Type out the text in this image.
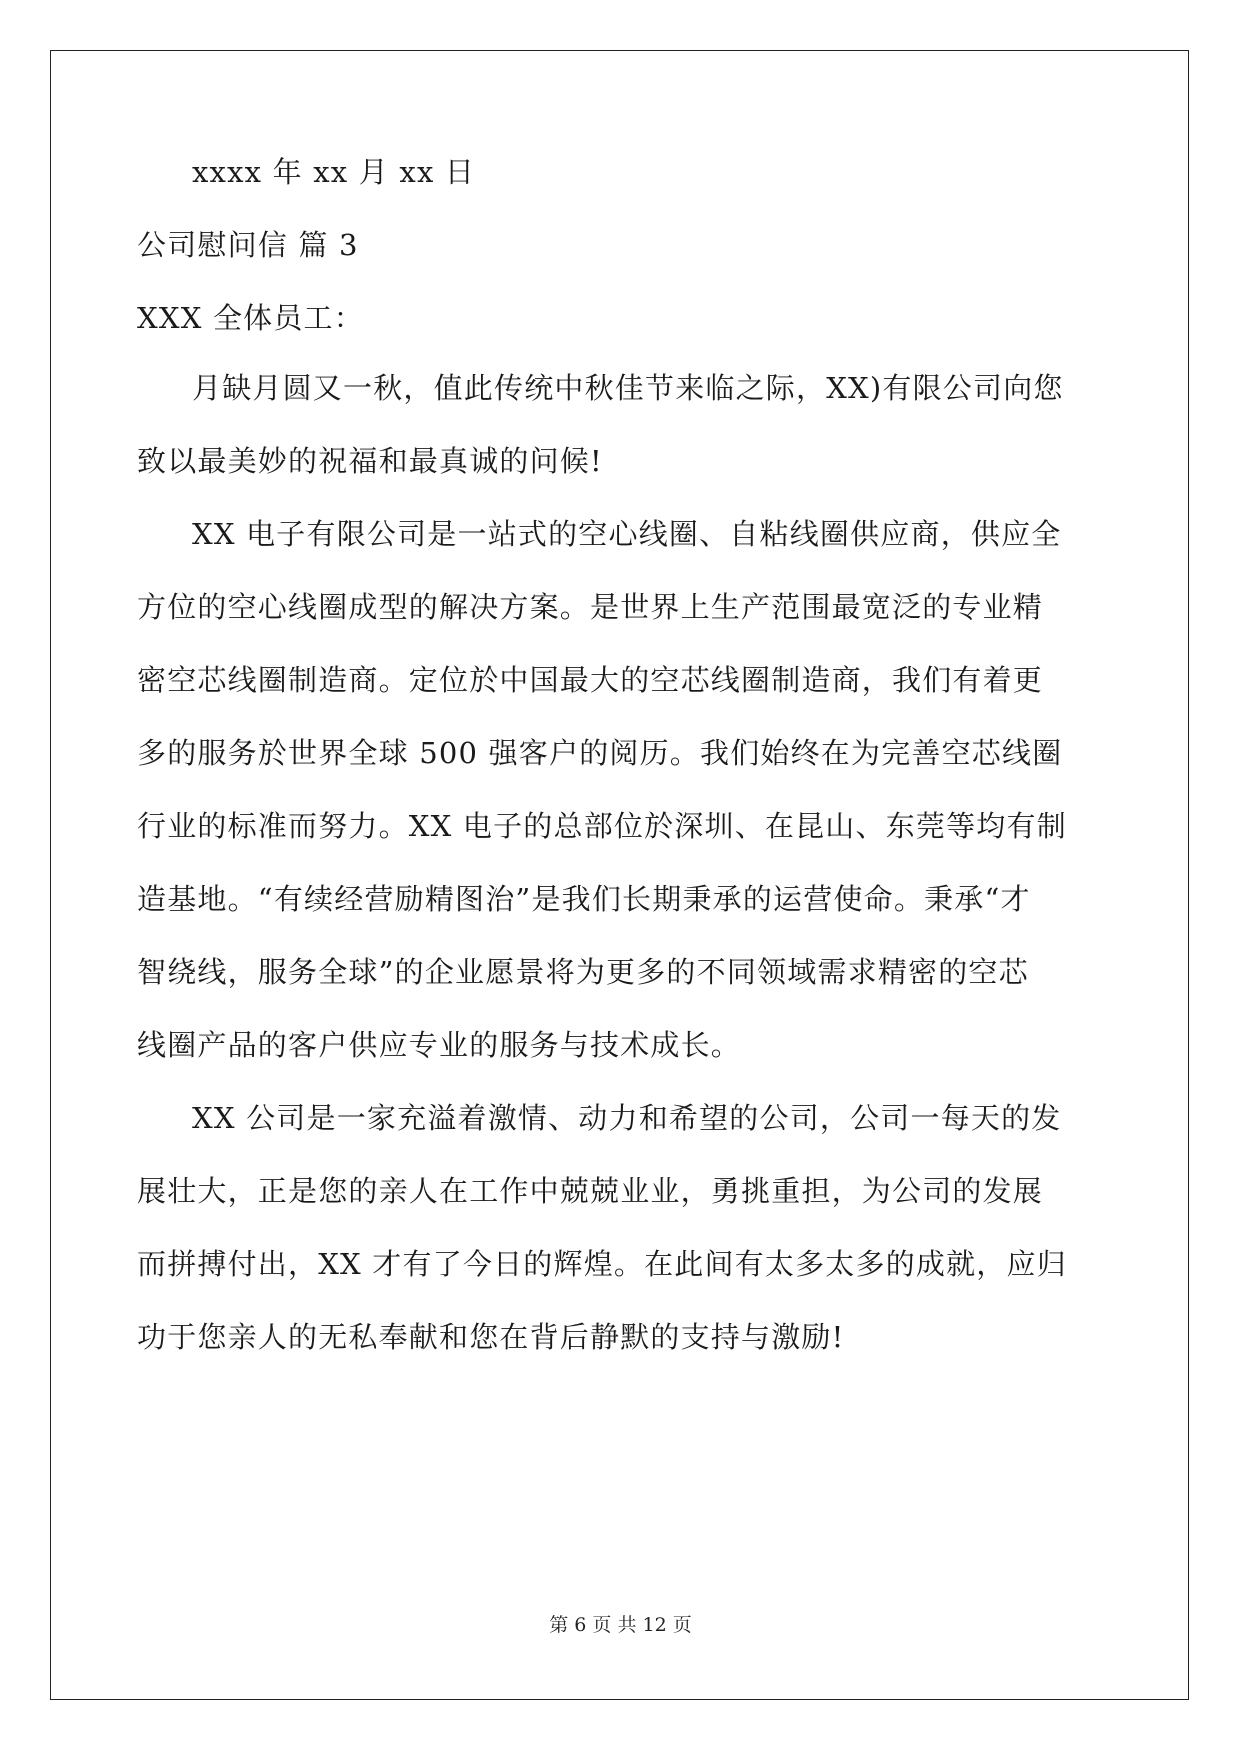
xxxx 年 xx 月 xx 日
公司慰问信 篇 3
XXX 全体员工：
月缺月圆又一秋，值此传统中秋佳节来临之际，XX)有限公司向您
致以最美妙的祝福和最真诚的问候!
XX 电子有限公司是一站式的空心线圈、自粘线圈供应商，供应全
方位的空心线圈成型的解决方案。是世界上生产范围最宽泛的专业精
密空芯线圈制造商。定位於中国最大的空芯线圈制造商，我们有着更
多的服务於世界全球 500 强客户的阅历。我们始终在为完善空芯线圈
行业的标准而努力。XX 电子的总部位於深圳、在昆山、东莞等均有制
造基地。“有续经营励精图治”是我们长期秉承的运营使命。秉承“才
智绕线，服务全球”的企业愿景将为更多的不同领域需求精密的空芯
线圈产品的客户供应专业的服务与技术成长。
XX 公司是一家充溢着激情、动力和希望的公司，公司一每天的发
展壮大，正是您的亲人在工作中兢兢业业，勇挑重担，为公司的发展
而拼搏付出，XX 才有了今日的辉煌。在此间有太多太多的成就，应归
功于您亲人的无私奉献和您在背后静默的支持与激励!
第 6 页 共 12 页
